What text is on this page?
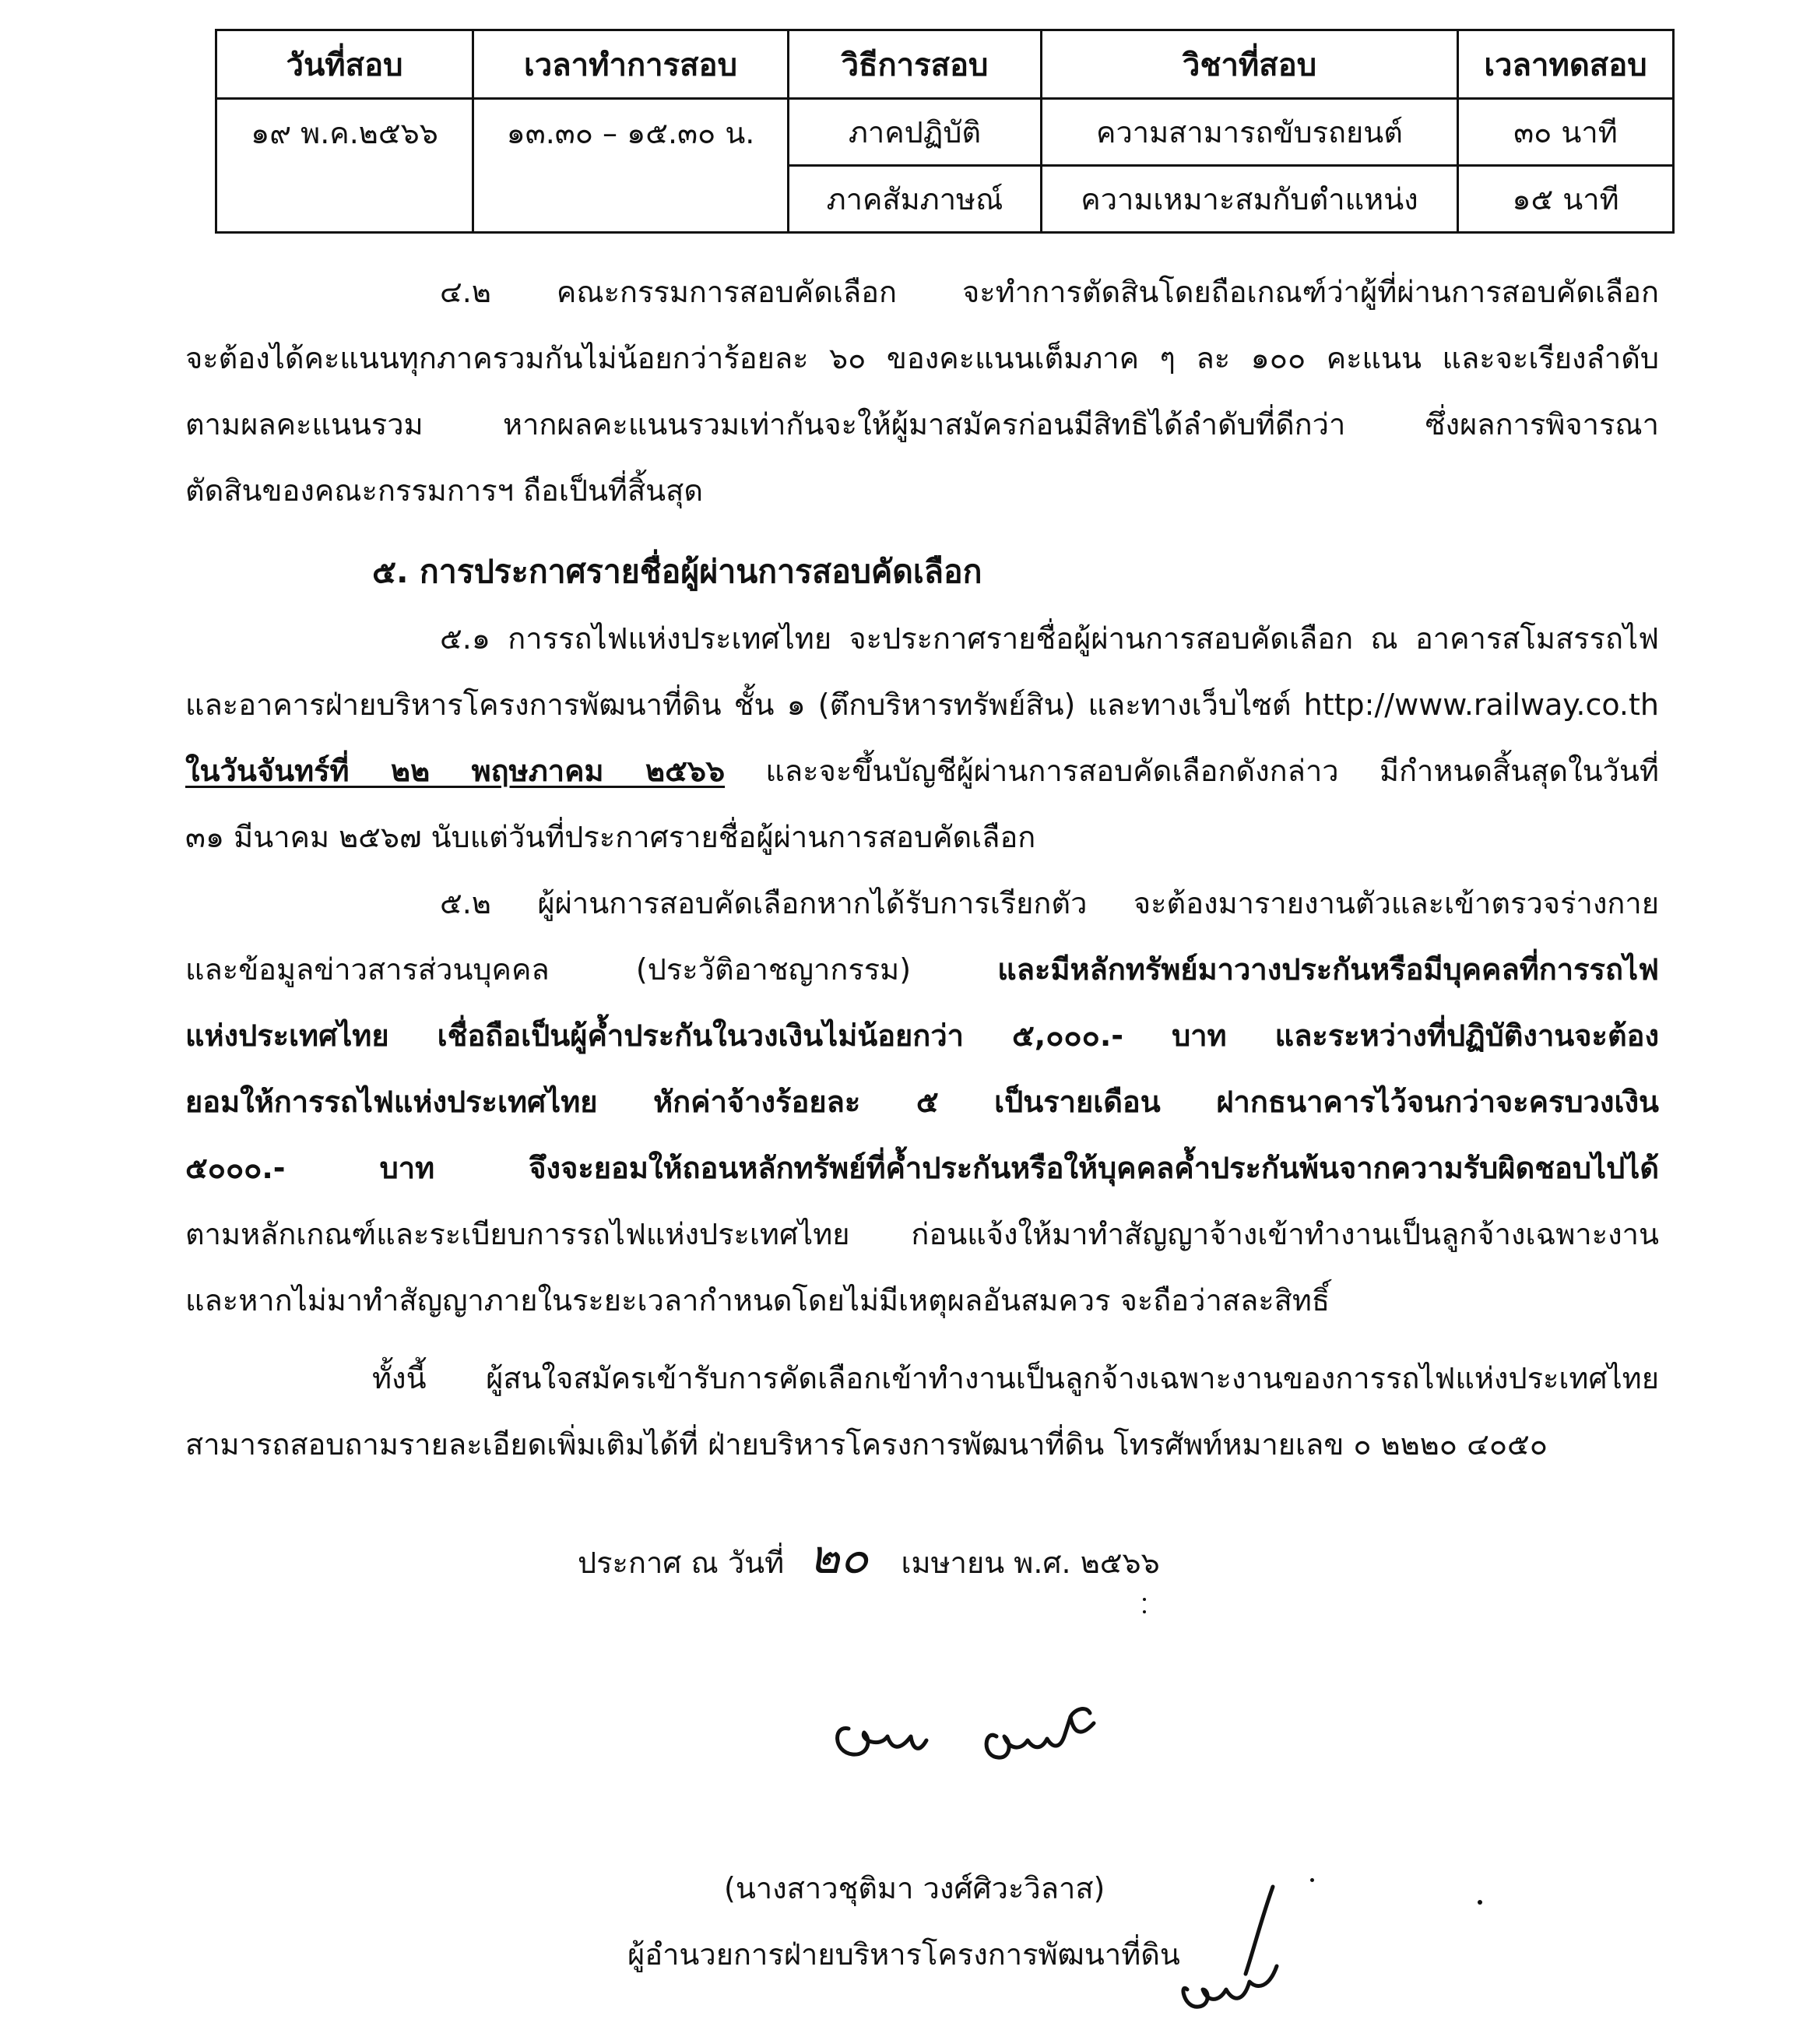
วันที่สอบ	เวลาทำการสอบ	วิธีการสอบ	วิชาที่สอบ	เวลาทดสอบ
๑๙ พ.ค.๒๕๖๖	๑๓.๓๐ – ๑๕.๓๐ น.	ภาคปฏิบัติ	ความสามารถขับรถยนต์	๓๐ นาที
		ภาคสัมภาษณ์	ความเหมาะสมกับตำแหน่ง	๑๕ นาที
๔.๒ คณะกรรมการสอบคัดเลือก จะทำการตัดสินโดยถือเกณฑ์ว่าผู้ที่ผ่านการสอบคัดเลือก
จะต้องได้คะแนนทุกภาครวมกันไม่น้อยกว่าร้อยละ ๖๐ ของคะแนนเต็มภาค ๆ ละ ๑๐๐ คะแนน และจะเรียงลำดับ
ตามผลคะแนนรวม หากผลคะแนนรวมเท่ากันจะให้ผู้มาสมัครก่อนมีสิทธิได้ลำดับที่ดีกว่า ซึ่งผลการพิจารณา
ตัดสินของคณะกรรมการฯ ถือเป็นที่สิ้นสุด
๕. การประกาศรายชื่อผู้ผ่านการสอบคัดเลือก
๕.๑ การรถไฟแห่งประเทศไทย จะประกาศรายชื่อผู้ผ่านการสอบคัดเลือก ณ อาคารสโมสรรถไฟ
และอาคารฝ่ายบริหารโครงการพัฒนาที่ดิน ชั้น ๑ (ตึกบริหารทรัพย์สิน) และทางเว็บไซต์ http://www.railway.co.th
ในวันจันทร์ที่ ๒๒ พฤษภาคม ๒๕๖๖ และจะขึ้นบัญชีผู้ผ่านการสอบคัดเลือกดังกล่าว มีกำหนดสิ้นสุดในวันที่
๓๑ มีนาคม ๒๕๖๗ นับแต่วันที่ประกาศรายชื่อผู้ผ่านการสอบคัดเลือก
๕.๒ ผู้ผ่านการสอบคัดเลือกหากได้รับการเรียกตัว จะต้องมารายงานตัวและเข้าตรวจร่างกาย
และข้อมูลข่าวสารส่วนบุคคล (ประวัติอาชญากรรม) และมีหลักทรัพย์มาวางประกันหรือมีบุคคลที่การรถไฟ
แห่งประเทศไทย เชื่อถือเป็นผู้ค้ำประกันในวงเงินไม่น้อยกว่า ๕,๐๐๐.- บาท และระหว่างที่ปฏิบัติงานจะต้อง
ยอมให้การรถไฟแห่งประเทศไทย หักค่าจ้างร้อยละ ๕ เป็นรายเดือน ฝากธนาคารไว้จนกว่าจะครบวงเงิน
๕๐๐๐.- บาท จึงจะยอมให้ถอนหลักทรัพย์ที่ค้ำประกันหรือให้บุคคลค้ำประกันพ้นจากความรับผิดชอบไปได้
ตามหลักเกณฑ์และระเบียบการรถไฟแห่งประเทศไทย ก่อนแจ้งให้มาทำสัญญาจ้างเข้าทำงานเป็นลูกจ้างเฉพาะงาน
และหากไม่มาทำสัญญาภายในระยะเวลากำหนดโดยไม่มีเหตุผลอันสมควร จะถือว่าสละสิทธิ์
ทั้งนี้ ผู้สนใจสมัครเข้ารับการคัดเลือกเข้าทำงานเป็นลูกจ้างเฉพาะงานของการรถไฟแห่งประเทศไทย
สามารถสอบถามรายละเอียดเพิ่มเติมได้ที่ ฝ่ายบริหารโครงการพัฒนาที่ดิน โทรศัพท์หมายเลข ๐ ๒๒๒๐ ๔๐๕๐
ประกาศ ณ วันที่ ๒๐ เมษายน พ.ศ. ๒๕๖๖
(นางสาวชุติมา วงศ์ศิวะวิลาส)
ผู้อำนวยการฝ่ายบริหารโครงการพัฒนาที่ดิน
